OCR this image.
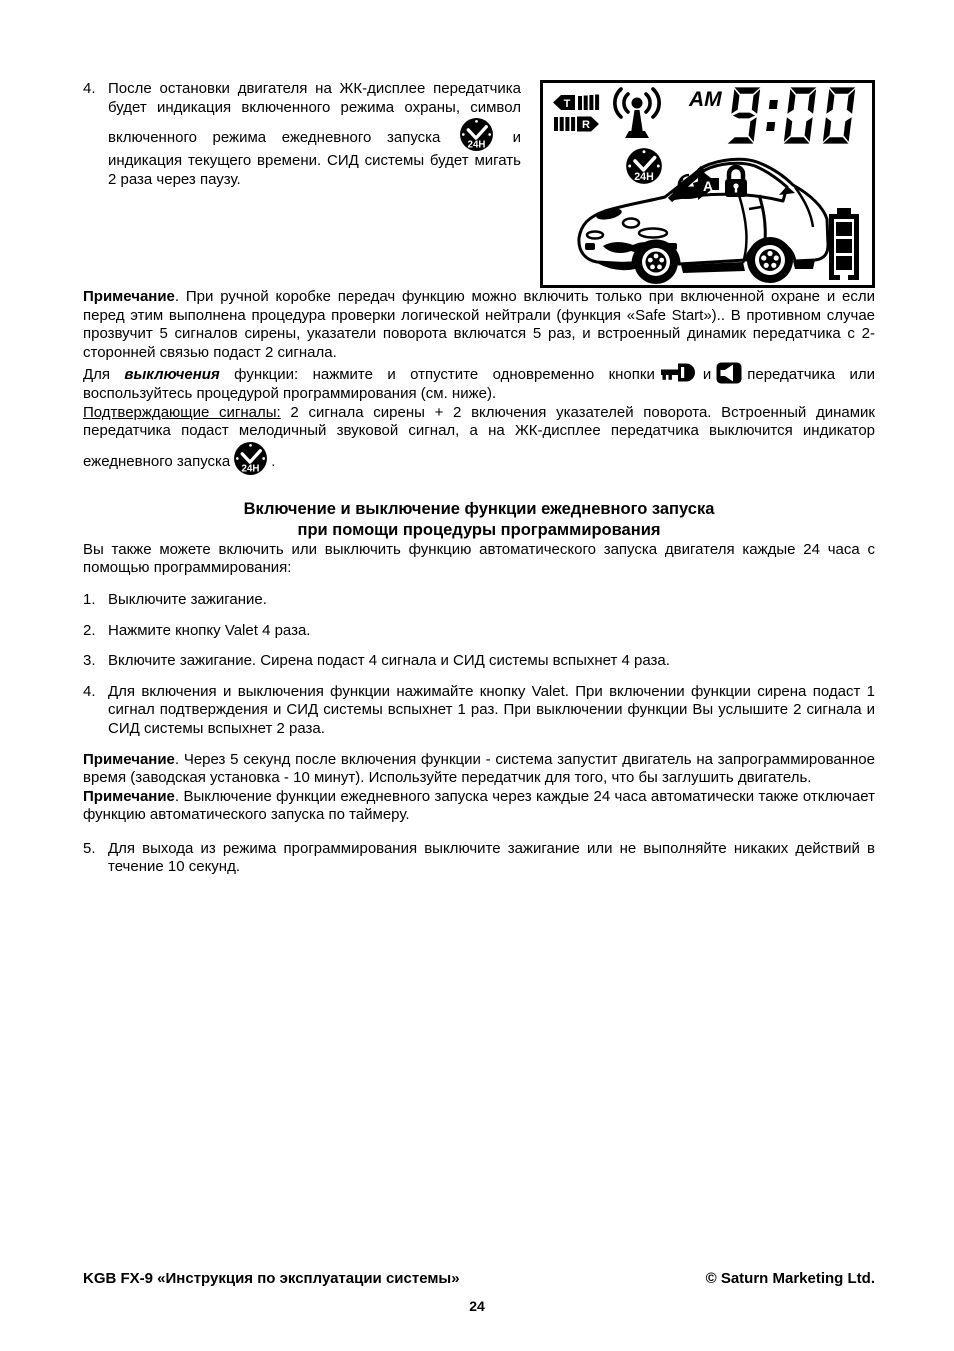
4. После остановки двигателя на ЖК-дисплее передатчика будет индикация включенного режима охраны, символ включенного режима ежедневного запуска	и индикация текущего времени. СИД системы будет мигать 2 раза через паузу.
T
R
AM
A

Примечание. При ручной коробке передач функцию можно включить только при включенной охране и если перед этим выполнена процедура проверки логической нейтрали (функция «Safe Start»).. В противном случае прозвучит 5 сигналов сирены, указатели поворота включатся 5 раз, и встроенный динамик передатчика с 2-сторонней связью подаст 2 сигнала.

Для выключения функции: нажмите и отпустите одновременно кнопки	и передатчика или воспользуйтесь процедурой программирования (см. ниже).

Подтверждающие сигналы: 2 сигнала сирены + 2 включения указателей поворота. Встроенный динамик передатчика подаст мелодичный звуковой сигнал, а на ЖК-дисплее передатчика выключится индикатор ежедневного запуска	.

Включение и выключение функции ежедневного запуска
при помощи процедуры программирования

Вы также можете включить или выключить функцию автоматического запуска двигателя каждые 24 часа с помощью программирования:

1. Выключите зажигание.
2. Нажмите кнопку Valet 4 раза.
3. Включите зажигание. Сирена подаст 4 сигнала и СИД системы вспыхнет 4 раза.
4. Для включения и выключения функции нажимайте кнопку Valet. При включении функции сирена подаст 1 сигнал подтверждения и СИД системы вспыхнет 1 раз. При выключении функции Вы услышите 2 сигнала и СИД системы вспыхнет 2 раза.

Примечание. Через 5 секунд после включения функции - система запустит двигатель на запрограммированное время (заводская установка - 10 минут). Используйте передатчик для того, что бы заглушить двигатель.

Примечание. Выключение функции ежедневного запуска через каждые 24 часа автоматически также отключает функцию автоматического запуска по таймеру.

5. Для выхода из режима программирования выключите зажигание или не выполняйте никаких действий в течение 10 секунд.
KGB FX-9 «Инструкция по эксплуатации системы»	© Saturn Marketing Ltd.
24
